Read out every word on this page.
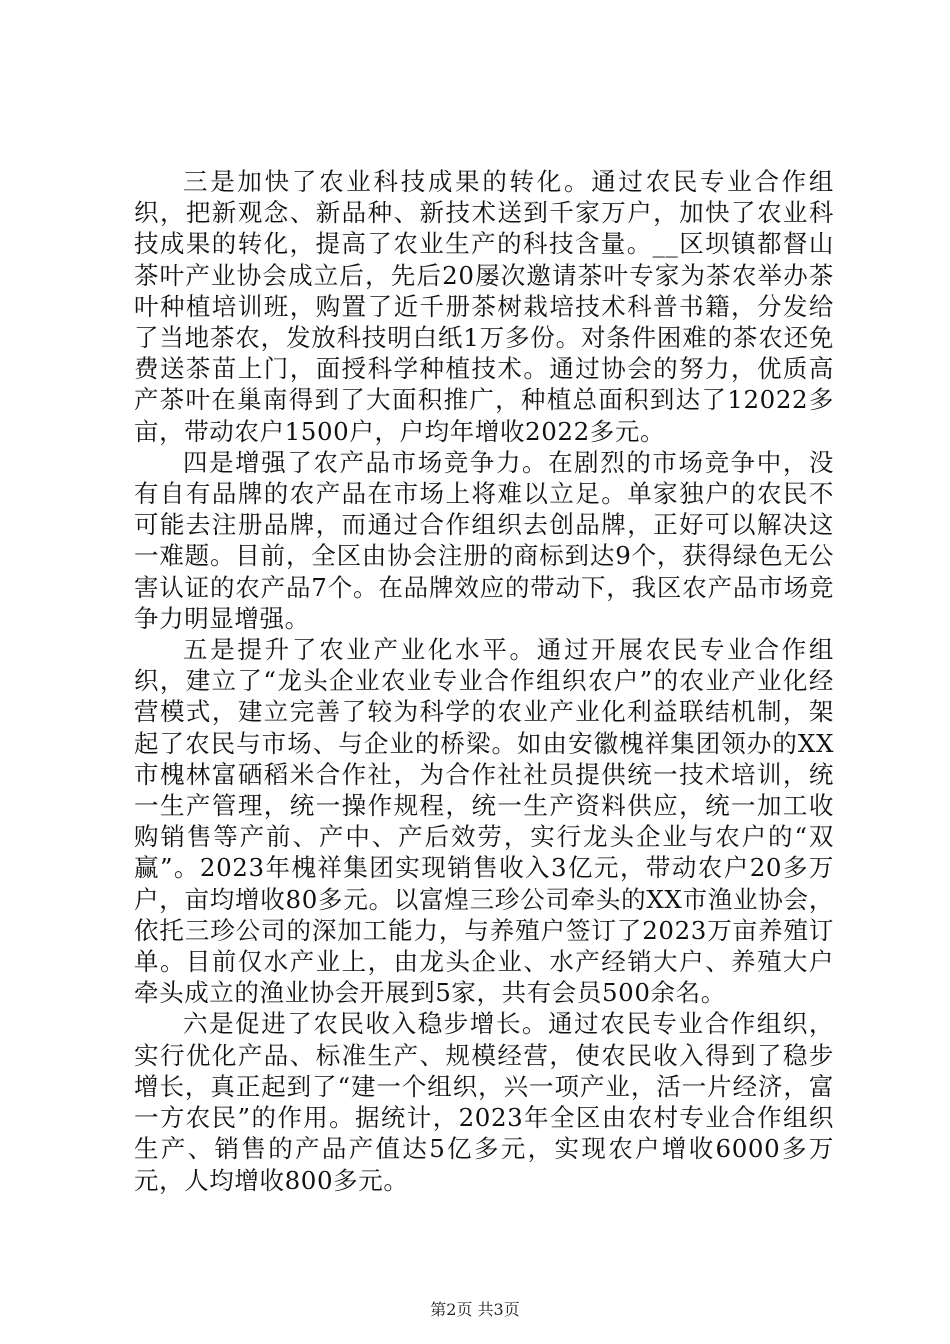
三是加快了农业科技成果的转化。通过农民专业合作组织，把新观念、新品种、新技术送到千家万户，加快了农业科技成果的转化，提高了农业生产的科技含量。__区坝镇都督山茶叶产业协会成立后，先后20屡次邀请茶叶专家为茶农举办茶叶种植培训班，购置了近千册茶树栽培技术科普书籍，分发给了当地茶农，发放科技明白纸1万多份。对条件困难的茶农还免费送茶苗上门，面授科学种植技术。通过协会的努力，优质高产茶叶在巢南得到了大面积推广，种植总面积到达了12022多亩，带动农户1500户，户均年增收2022多元。

四是增强了农产品市场竞争力。在剧烈的市场竞争中，没有自有品牌的农产品在市场上将难以立足。单家独户的农民不可能去注册品牌，而通过合作组织去创品牌，正好可以解决这一难题。目前，全区由协会注册的商标到达9个，获得绿色无公害认证的农产品7个。在品牌效应的带动下，我区农产品市场竞争力明显增强。

五是提升了农业产业化水平。通过开展农民专业合作组织，建立了“龙头企业农业专业合作组织农户”的农业产业化经营模式，建立完善了较为科学的农业产业化利益联结机制，架起了农民与市场、与企业的桥梁。如由安徽槐祥集团领办的XX市槐林富硒稻米合作社，为合作社社员提供统一技术培训，统一生产管理，统一操作规程，统一生产资料供应，统一加工收购销售等产前、产中、产后效劳，实行龙头企业与农户的“双赢”。2023年槐祥集团实现销售收入3亿元，带动农户20多万户，亩均增收80多元。以富煌三珍公司牵头的XX市渔业协会，依托三珍公司的深加工能力，与养殖户签订了2023万亩养殖订单。目前仅水产业上，由龙头企业、水产经销大户、养殖大户牵头成立的渔业协会开展到5家，共有会员500余名。

六是促进了农民收入稳步增长。通过农民专业合作组织，实行优化产品、标准生产、规模经营，使农民收入得到了稳步增长，真正起到了“建一个组织，兴一项产业，活一片经济，富一方农民”的作用。据统计，2023年全区由农村专业合作组织生产、销售的产品产值达5亿多元，实现农户增收6000多万元，人均增收800多元。

第2页 共3页
